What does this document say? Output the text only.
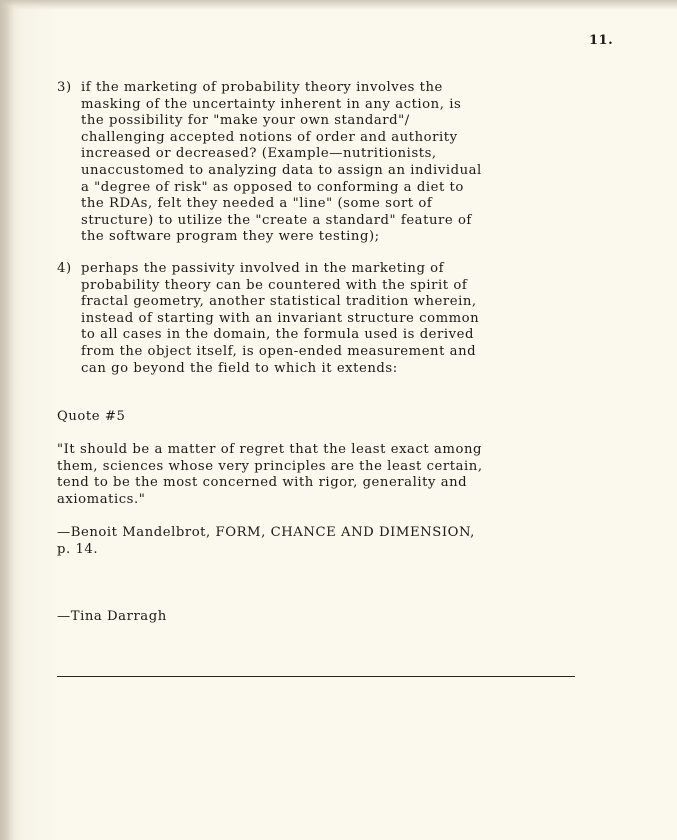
11.
3) if the marketing of probability theory involves the
masking of the uncertainty inherent in any action, is
the possibility for "make your own standard"/
challenging accepted notions of order and authority
increased or decreased? (Example—nutritionists,
unaccustomed to analyzing data to assign an individual
a "degree of risk" as opposed to conforming a diet to
the RDAs, felt they needed a "line" (some sort of
structure) to utilize the "create a standard" feature of
the software program they were testing);
4) perhaps the passivity involved in the marketing of
probability theory can be countered with the spirit of
fractal geometry, another statistical tradition wherein,
instead of starting with an invariant structure common
to all cases in the domain, the formula used is derived
from the object itself, is open-ended measurement and
can go beyond the field to which it extends:
Quote #5
"It should be a matter of regret that the least exact among
them, sciences whose very principles are the least certain,
tend to be the most concerned with rigor, generality and
axiomatics."
—Benoit Mandelbrot, FORM, CHANCE AND DIMENSION,
p. 14.
—Tina Darragh
